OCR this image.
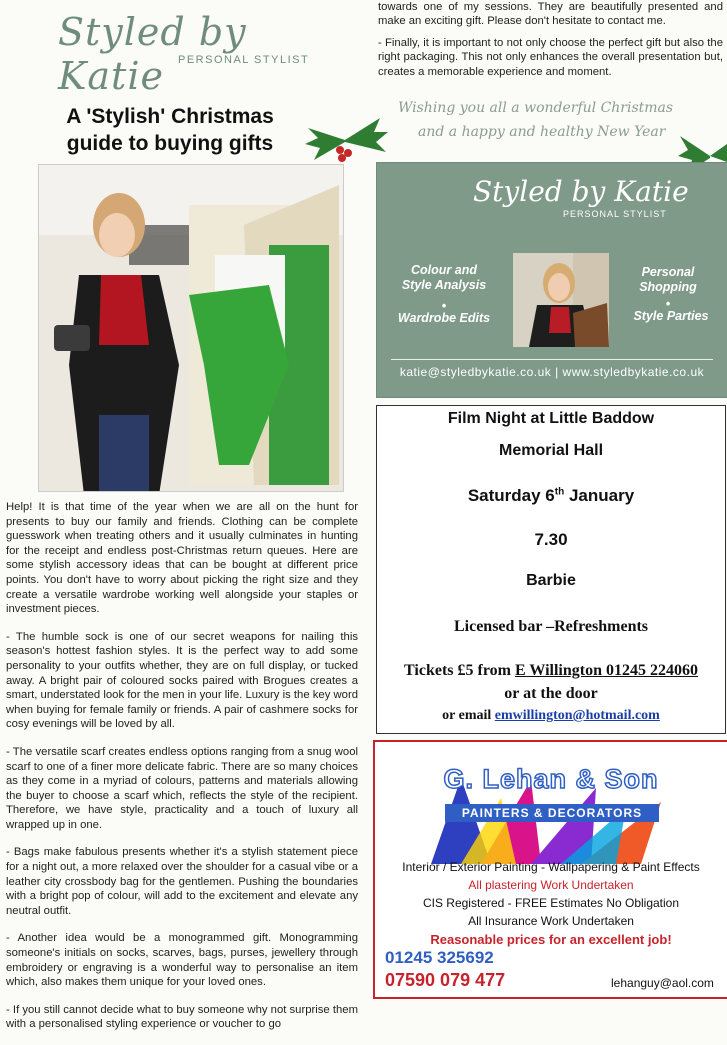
Styled by Katie	PERSONAL STYLIST
A 'Stylish' Christmas
guide to buying gifts

Help! It is that time of the year when we are all on the hunt for presents to buy our family and friends. Clothing can be complete guesswork when treating others and it usually culminates in hunting for the receipt and endless post-Christmas return queues. Here are some stylish accessory ideas that can be bought at different price points. You don't have to worry about picking the right size and they create a versatile wardrobe working well alongside your staples or investment pieces.

- The humble sock is one of our secret weapons for nailing this season's hottest fashion styles. It is the perfect way to add some personality to your outfits whether, they are on full display, or tucked away. A bright pair of coloured socks paired with Brogues creates a smart, understated look for the men in your life. Luxury is the key word when buying for female family or friends. A pair of cashmere socks for cosy evenings will be loved by all.

- The versatile scarf creates endless options ranging from a snug wool scarf to one of a finer more delicate fabric. There are so many choices as they come in a myriad of colours, patterns and materials allowing the buyer to choose a scarf which, reflects the style of the recipient. Therefore, we have style, practicality and a touch of luxury all wrapped up in one.

- Bags make fabulous presents whether it's a stylish statement piece for a night out, a more relaxed over the shoulder for a casual vibe or a leather city crossbody bag for the gentlemen. Pushing the boundaries with a bright pop of colour, will add to the excitement and elevate any neutral outfit.

- Another idea would be a monogrammed gift. Monogramming someone's initials on socks, scarves, bags, purses, jewellery through embroidery or engraving is a wonderful way to personalise an item which, also makes them unique for your loved ones.

- If you still cannot decide what to buy someone why not surprise them with a personalised styling experience or voucher to go

towards one of my sessions. They are beautifully presented and make an exciting gift. Please don't hesitate to contact me.

- Finally, it is important to not only choose the perfect gift but also the right packaging. This not only enhances the overall presentation but, creates a memorable experience and moment.

Wishing you all a wonderful Christmas
and a happy and healthy New Year
Styled by Katie
PERSONAL STYLIST
Colour and Style Analysis
•
Wardrobe Edits
Personal Shopping
•
Style Parties
katie@styledbykatie.co.uk | www.styledbykatie.co.uk
Film Night at Little Baddow
Memorial Hall
Saturday 6th January
7.30
Barbie
Licensed bar –Refreshments
Tickets £5 from E Willington 01245 224060
or at the door
or email emwillington@hotmail.com
G. Lehan & Son
PAINTERS & DECORATORS
Interior / Exterior Painting - Wallpapering & Paint Effects
All plastering Work Undertaken
CIS Registered - FREE Estimates No Obligation
All Insurance Work Undertaken
Reasonable prices for an excellent job!
01245 325692
07590 079 477	lehanguy@aol.com
